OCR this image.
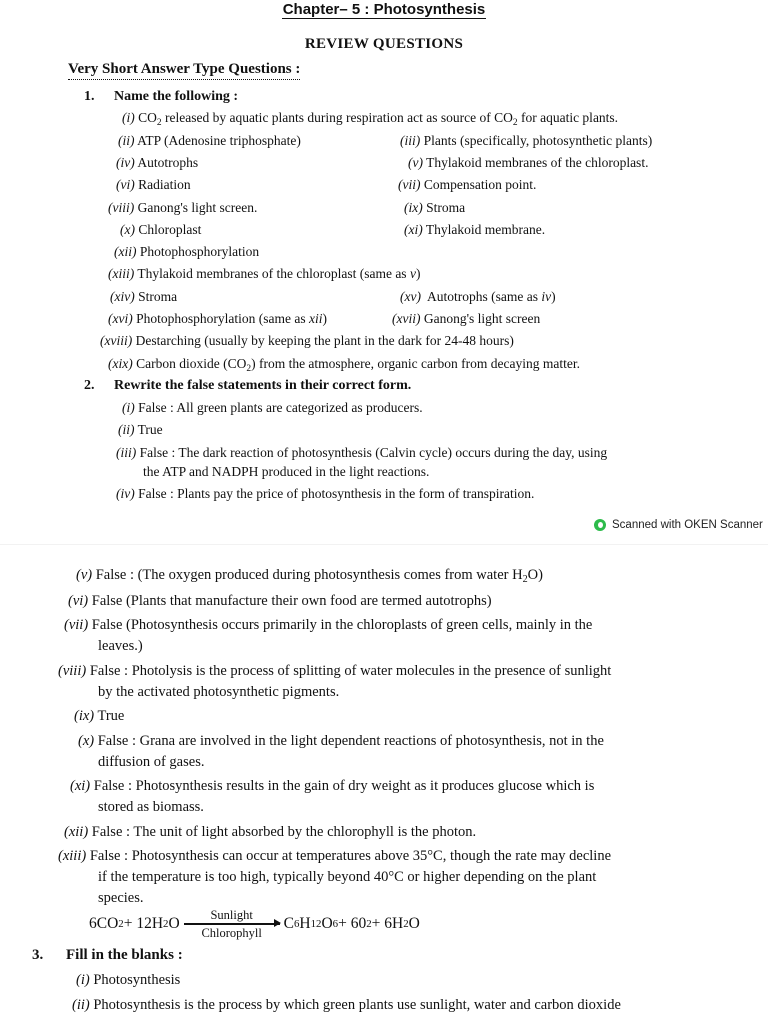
Chapter– 5 : Photosynthesis
REVIEW QUESTIONS
Very Short Answer Type Questions :
1. Name the following :
(i) $CO_2$ released by aquatic plants during respiration act as source of $CO_2$ for aquatic plants.
(ii) ATP (Adenosine triphosphate)	(iii) Plants (specifically, photosynthetic plants)
(iv) Autotrophs	(v) Thylakoid membranes of the chloroplast.
(vi) Radiation	(vii) Compensation point.
(viii) Ganong's light screen.	(ix) Stroma
(x) Chloroplast	(xi) Thylakoid membrane.
(xii) Photophosphorylation
(xiii) Thylakoid membranes of the chloroplast (same as v)
(xiv) Stroma	(xv) Autotrophs (same as iv)
(xvi) Photophosphorylation (same as xii)	(xvii) Ganong's light screen
(xviii) Destarching (usually by keeping the plant in the dark for 24-48 hours)
(xix) Carbon dioxide $(CO_2)$ from the atmosphere, organic carbon from decaying matter.
2. Rewrite the false statements in their correct form.
(i) False : All green plants are categorized as producers.
(ii) True
(iii) False : The dark reaction of photosynthesis (Calvin cycle) occurs during the day, using
the ATP and NADPH produced in the light reactions.
(iv) False : Plants pay the price of photosynthesis in the form of transpiration.
Scanned with OKEN Scanner
(v) False : (The oxygen produced during photosynthesis comes from water $H_2O$)
(vi) False (Plants that manufacture their own food are termed autotrophs)
(vii) False (Photosynthesis occurs primarily in the chloroplasts of green cells, mainly in the
leaves.)
(viii) False : Photolysis is the process of splitting of water molecules in the presence of sunlight
by the activated photosynthetic pigments.
(ix) True
(x) False : Grana are involved in the light dependent reactions of photosynthesis, not in the
diffusion of gases.
(xi) False : Photosynthesis results in the gain of dry weight as it produces glucose which is
stored as biomass.
(xii) False : The unit of light absorbed by the chlorophyll is the photon.
(xiii) False : Photosynthesis can occur at temperatures above 35°C, though the rate may decline
if the temperature is too high, typically beyond 40°C or higher depending on the plant
species.
6CO 2 + 12H 2 O	Sunlight
Chlorophyll
C 6 H 12 O 6 + 60 2 + 6H 2 O
3. Fill in the blanks :
(i) Photosynthesis
(ii) Photosynthesis is the process by which green plants use sunlight, water and carbon dioxide
